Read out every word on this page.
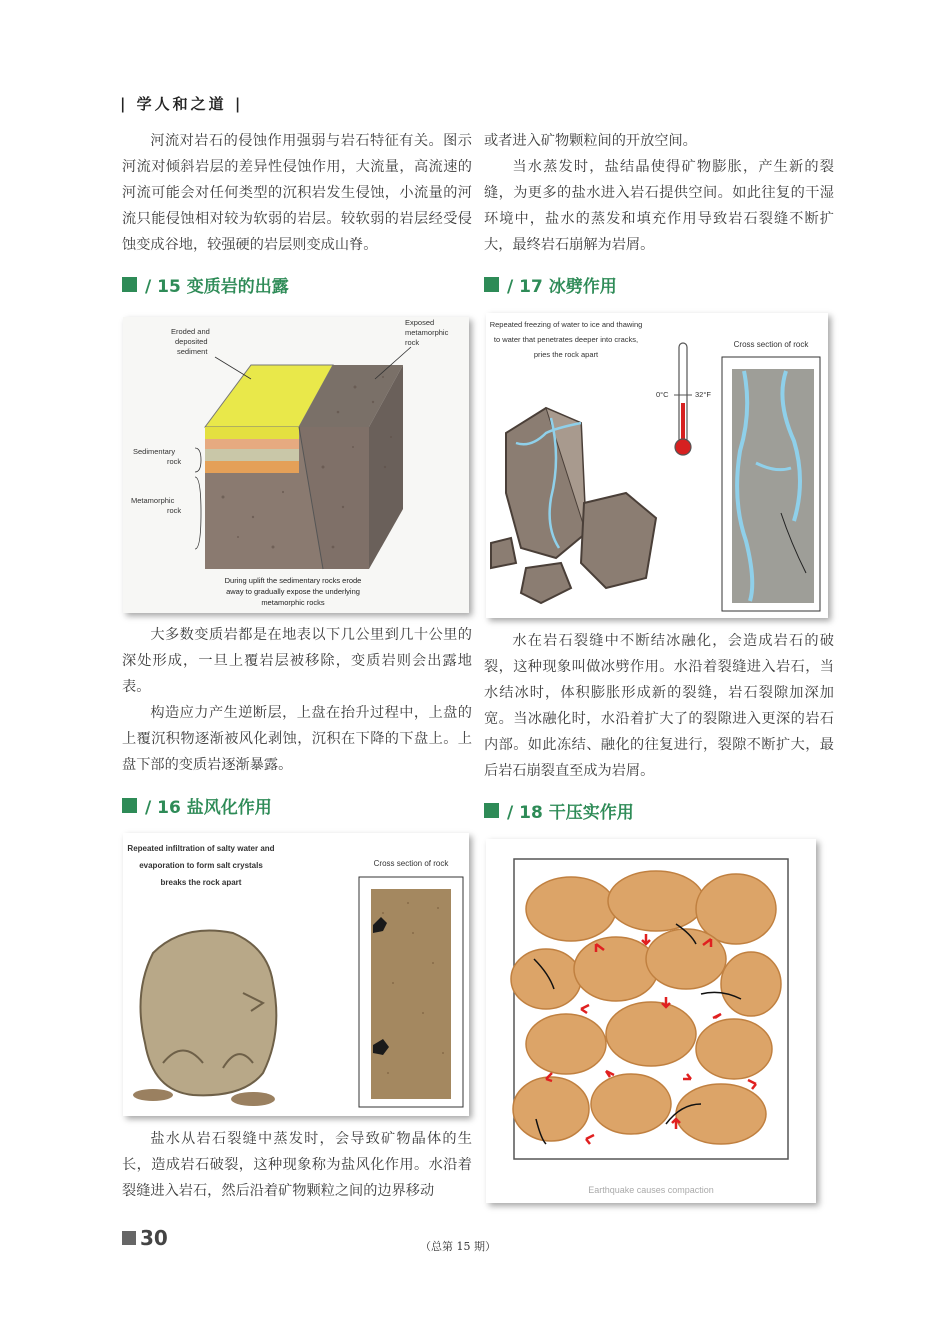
| 学人和之道 |

河流对岩石的侵蚀作用强弱与岩石特征有关。图示河流对倾斜岩层的差异性侵蚀作用，大流量，高流速的河流可能会对任何类型的沉积岩发生侵蚀，小流量的河流只能侵蚀相对较为软弱的岩层。较软弱的岩层经受侵蚀变成谷地，较强硬的岩层则变成山脊。

/ 15 变质岩的出露
Eroded and
deposited
sediment
Exposed
metamorphic
rock
Sedimentary
rock
Metamorphic
rock
During uplift the sedimentary rocks erode
away to gradually expose the underlying
metamorphic rocks

大多数变质岩都是在地表以下几公里到几十公里的深处形成，一旦上覆岩层被移除，变质岩则会出露地表。

构造应力产生逆断层，上盘在抬升过程中，上盘的上覆沉积物逐渐被风化剥蚀，沉积在下降的下盘上。上盘下部的变质岩逐渐暴露。

/ 16 盐风化作用
Repeated infiltration of salty water and
evaporation to form salt crystals
breaks the rock apart
Cross section of rock

盐水从岩石裂缝中蒸发时，会导致矿物晶体的生长，造成岩石破裂，这种现象称为盐风化作用。水沿着裂缝进入岩石，然后沿着矿物颗粒之间的边界移动

或者进入矿物颗粒间的开放空间。

当水蒸发时，盐结晶使得矿物膨胀，产生新的裂缝，为更多的盐水进入岩石提供空间。如此往复的干湿环境中，盐水的蒸发和填充作用导致岩石裂缝不断扩大，最终岩石崩解为岩屑。

/ 17 冰劈作用
Repeated freezing of water to ice and thawing
to water that penetrates deeper into cracks,
pries the rock apart
0°C	32°F
Cross section of rock

水在岩石裂缝中不断结冰融化，会造成岩石的破裂，这种现象叫做冰劈作用。水沿着裂缝进入岩石，当水结冰时，体积膨胀形成新的裂缝，岩石裂隙加深加宽。当冰融化时，水沿着扩大了的裂隙进入更深的岩石内部。如此冻结、融化的往复进行，裂隙不断扩大，最后岩石崩裂直至成为岩屑。

/ 18 干压实作用
Earthquake causes compaction
30	（总第 15 期）
